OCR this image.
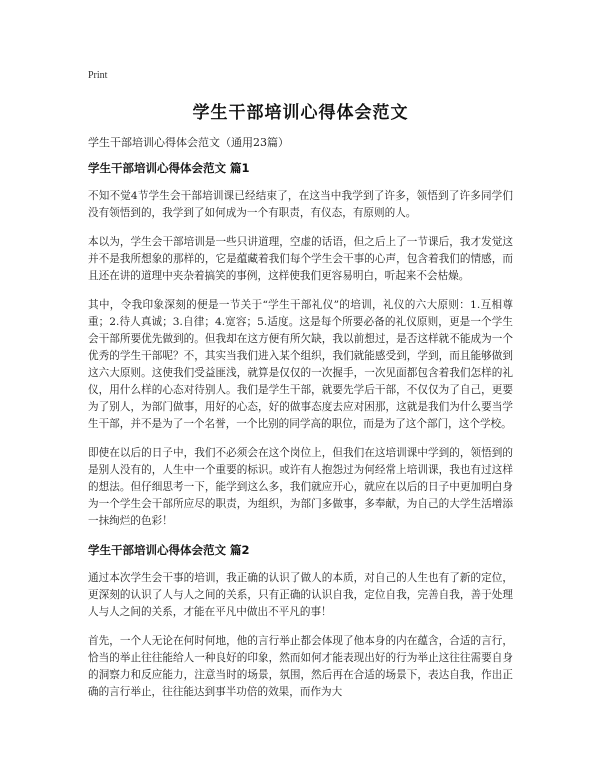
Print
学生干部培训心得体会范文
学生干部培训心得体会范文（通用23篇）
学生干部培训心得体会范文 篇1

不知不觉4节学生会干部培训课已经结束了，在这当中我学到了许多，领悟到了许多同学们没有领悟到的，我学到了如何成为一个有职责，有仪态，有原则的人。

本以为，学生会干部培训是一些只讲道理，空虚的话语，但之后上了一节课后，我才发觉这并不是我所想象的那样的，它是蕴藏着我们每个学生会干事的心声，包含着我们的情感，而且还在讲的道理中夹杂着搞笑的事例，这样使我们更容易明白，听起来不会枯燥。

其中，令我印象深刻的便是一节关于“学生干部礼仪”的培训，礼仪的六大原则：1.互相尊重；2.待人真诚；3.自律；4.宽容；5.适度。这是每个所要必备的礼仪原则，更是一个学生会干部所要优先做到的。但我却在这方便有所欠缺，我以前想过，是否这样就不能成为一个优秀的学生干部呢？不，其实当我们进入某个组织，我们就能感受到，学到，而且能够做到这六大原则。这使我们受益匪浅，就算是仅仅的一次握手，一次见面都包含着我们怎样的礼仪，用什么样的心态对待别人。我们是学生干部，就要先学后干部，不仅仅为了自己，更要为了别人，为部门做事，用好的心态，好的做事态度去应对困那，这就是我们为什么要当学生干部，并不是为了一个名誉，一个比别的同学高的职位，而是为了这个部门，这个学校。

即使在以后的日子中，我们不必须会在这个岗位上，但我们在这培训课中学到的，领悟到的是别人没有的，人生中一个重要的标识。或许有人抱怨过为何经常上培训课，我也有过这样的想法。但仔细思考一下，能学到这么多，我们就应开心，就应在以后的日子中更加明白身为一个学生会干部所应尽的职责，为组织，为部门多做事，多奉献，为自己的大学生活增添一抹绚烂的色彩！

学生干部培训心得体会范文 篇2

通过本次学生会干事的培训，我正确的认识了做人的本质，对自己的人生也有了新的定位，更深刻的认识了人与人之间的关系，只有正确的认识自我，定位自我，完善自我，善于处理人与人之间的关系，才能在平凡中做出不平凡的事！

首先，一个人无论在何时何地，他的言行举止都会体现了他本身的内在蕴含，合适的言行，恰当的举止往往能给人一种良好的印象，然而如何才能表现出好的行为举止这往往需要自身的洞察力和反应能力，注意当时的场景，氛围，然后再在合适的场景下，表达自我，作出正确的言行举止，往往能达到事半功倍的效果，而作为大
